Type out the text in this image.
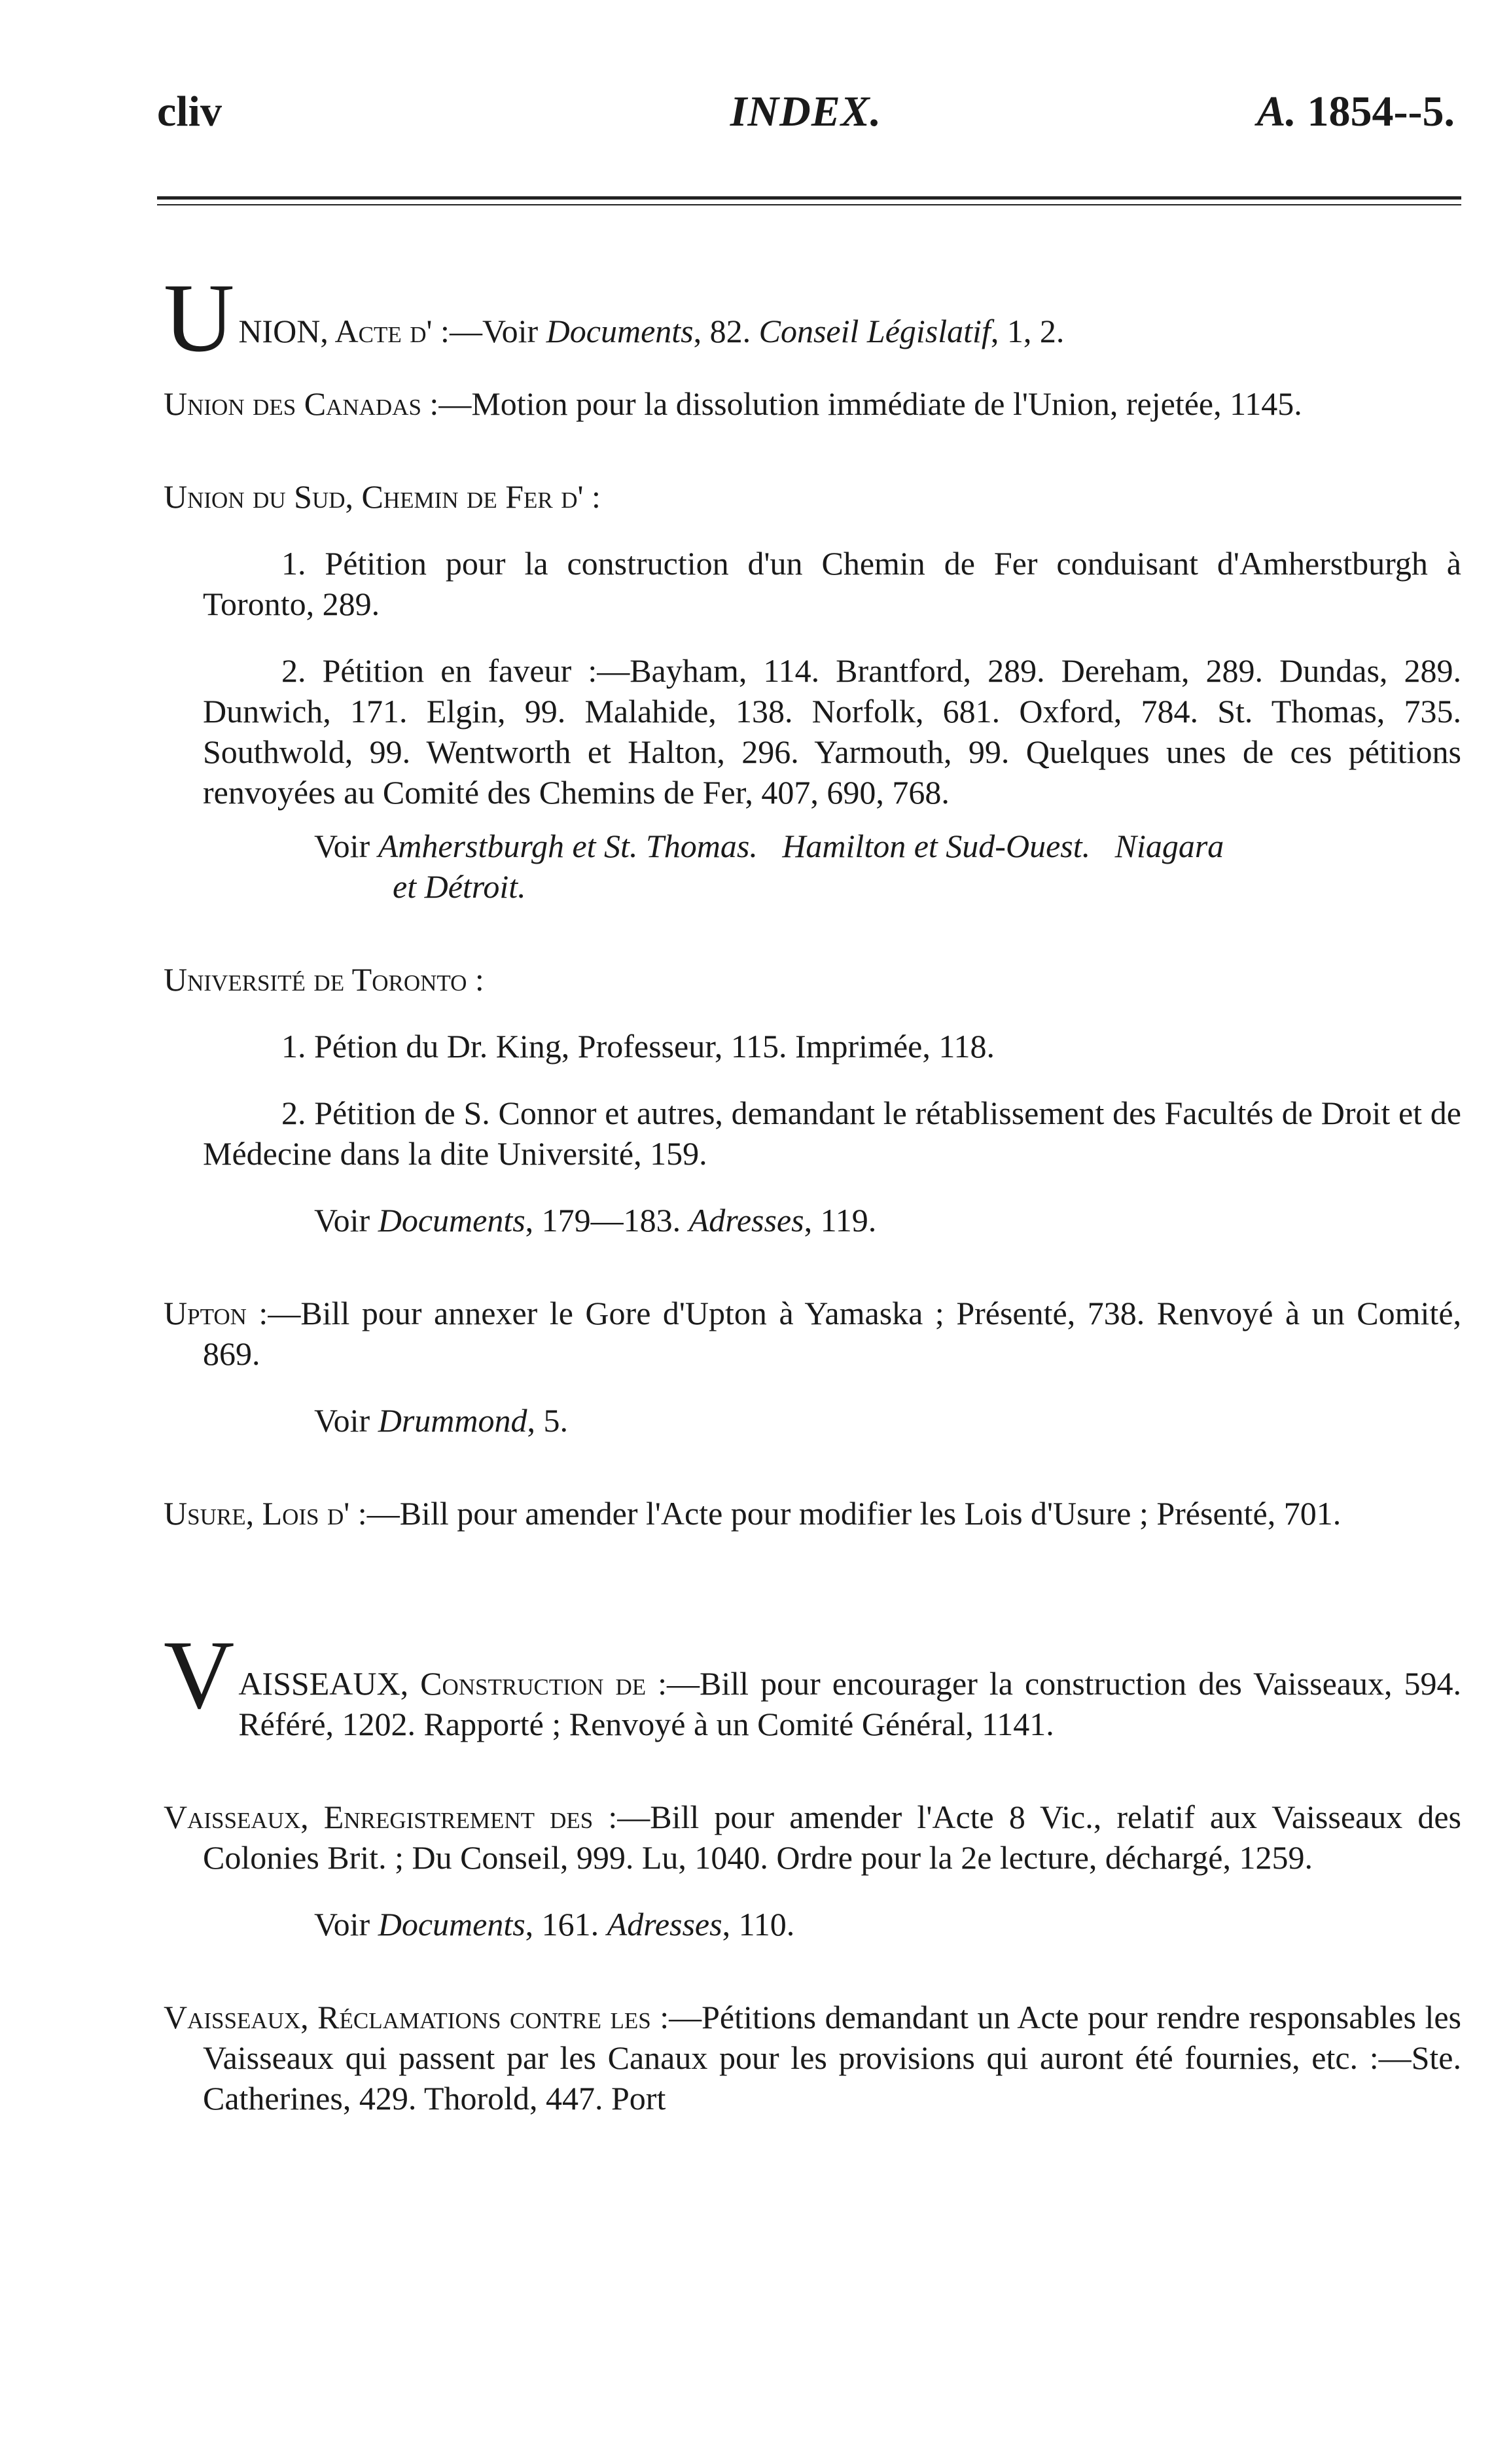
cliv	INDEX.	A. 1854--5.
U NION, Acte d' :—Voir Documents, 82. Conseil Législatif, 1, 2.

Union des Canadas :—Motion pour la dissolution immédiate de l'Union, rejetée, 1145.

Union du Sud, Chemin de Fer d' :

1. Pétition pour la construction d'un Chemin de Fer conduisant d'Amherstburgh à Toronto, 289.

2. Pétition en faveur :—Bayham, 114. Brantford, 289. Dereham, 289. Dundas, 289. Dunwich, 171. Elgin, 99. Malahide, 138. Norfolk, 681. Oxford, 784. St. Thomas, 735. Southwold, 99. Wentworth et Halton, 296. Yarmouth, 99. Quelques unes de ces pétitions renvoyées au Comité des Chemins de Fer, 407, 690, 768.

Voir Amherstburgh et St. Thomas. Hamilton et Sud-Ouest. Niagara
et Détroit.

Université de Toronto :

1. Pétion du Dr. King, Professeur, 115. Imprimée, 118.

2. Pétition de S. Connor et autres, demandant le rétablissement des Facultés de Droit et de Médecine dans la dite Université, 159.

Voir Documents, 179—183. Adresses, 119.

Upton :—Bill pour annexer le Gore d'Upton à Yamaska ; Présenté, 738. Renvoyé à un Comité, 869.

Voir Drummond, 5.

Usure, Lois d' :—Bill pour amender l'Acte pour modifier les Lois d'Usure ; Présenté, 701.

V AISSEAUX, Construction de :—Bill pour encourager la construction des Vaisseaux, 594. Référé, 1202. Rapporté ; Renvoyé à un Comité Général, 1141.

Vaisseaux, Enregistrement des :—Bill pour amender l'Acte 8 Vic., relatif aux Vaisseaux des Colonies Brit. ; Du Conseil, 999. Lu, 1040. Ordre pour la 2e lecture, déchargé, 1259.

Voir Documents, 161. Adresses, 110.

Vaisseaux, Réclamations contre les :—Pétitions demandant un Acte pour rendre responsables les Vaisseaux qui passent par les Canaux pour les provisions qui auront été fournies, etc. :—Ste. Catherines, 429. Thorold, 447. Port
